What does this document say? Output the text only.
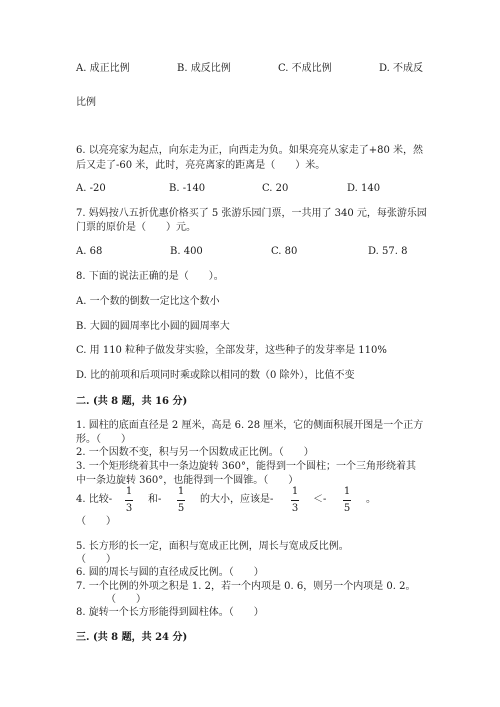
A. 成正比例	B. 成反比例	C. 不成比例	D. 不成反
比例
6. 以亮亮家为起点，向东走为正，向西走为负。如果亮亮从家走了+80 米，然
后又走了-60 米，此时，亮亮离家的距离是（　　）米。
A. -20	B. -140	C. 20	D. 140
7. 妈妈按八五折优惠价格买了 5 张游乐园门票，一共用了 340 元，每张游乐园
门票的原价是（　　）元。
A. 68	B. 400	C. 80	D. 57. 8
8. 下面的说法正确的是（　　）。
A. 一个数的倒数一定比这个数小
B. 大圆的圆周率比小圆的圆周率大
C. 用 110 粒种子做发芽实验，全部发芽，这些种子的发芽率是 110%
D. 比的前项和后项同时乘或除以相同的数（0 除外），比值不变
二. (共 8 题，共 16 分)
1. 圆柱的底面直径是 2 厘米，高是 6. 28 厘米，它的侧面积展开图是一个正方
形。（　　）
2. 一个因数不变，积与另一个因数成正比例。（　　）
3. 一个矩形绕着其中一条边旋转 360°，能得到一个圆柱；一个三角形绕着其
中一条边旋转 360°，也能得到一个圆锥。（　　）
4. 比较-
1
3
和-
1
5
的大小，应该是-
1
3
＜-
1
5
。
（　　）
5. 长方形的长一定，面积与宽成正比例，周长与宽成反比例。
（　　）
6. 圆的周长与圆的直径成反比例。（　　）
7. 一个比例的外项之积是 1. 2，若一个内项是 0. 6，则另一个内项是 0. 2。
（　　）
8. 旋转一个长方形能得到圆柱体。（　　）
三. (共 8 题，共 24 分)
